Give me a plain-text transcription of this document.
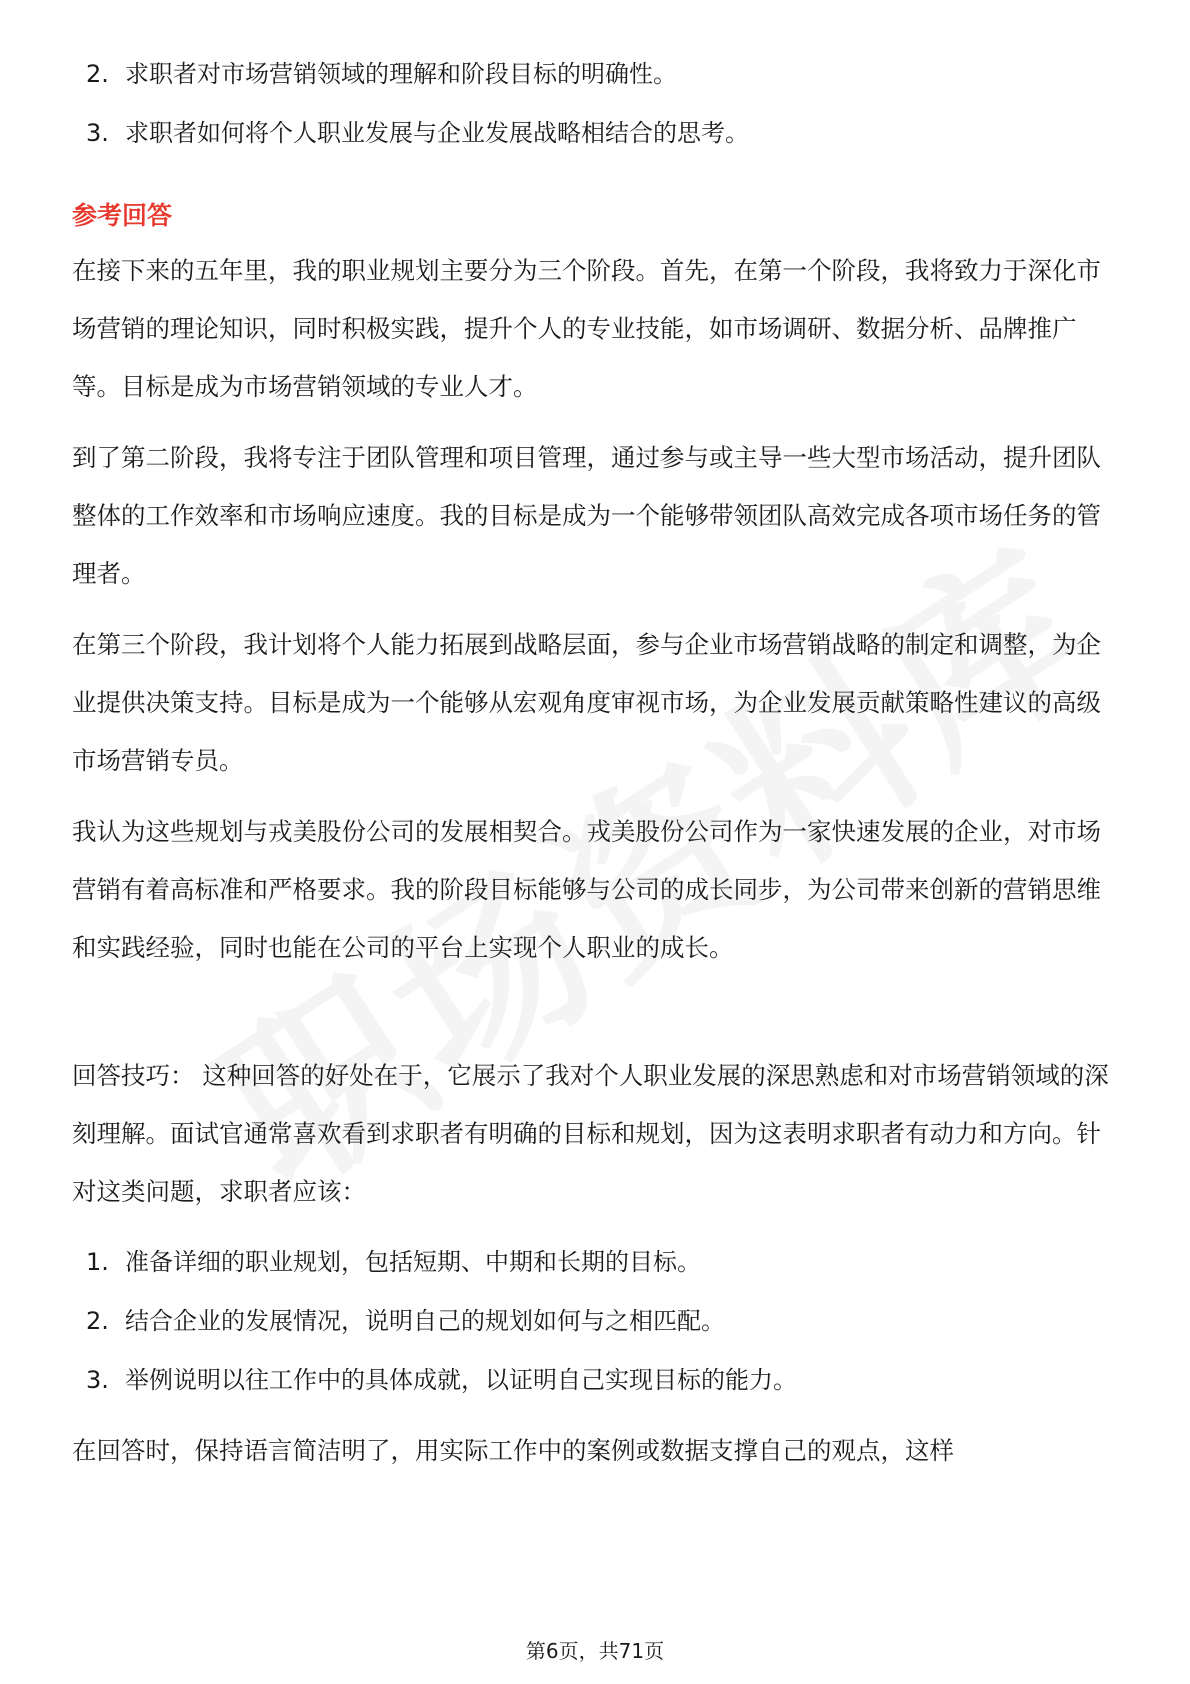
2. 求职者对市场营销领域的理解和阶段目标的明确性。
3. 求职者如何将个人职业发展与企业发展战略相结合的思考。
参考回答

在接下来的五年里，我的职业规划主要分为三个阶段。首先，在第一个阶段，我将致力于深化市场营销的理论知识，同时积极实践，提升个人的专业技能，如市场调研、数据分析、品牌推广等。目标是成为市场营销领域的专业人才。

到了第二阶段，我将专注于团队管理和项目管理，通过参与或主导一些大型市场活动，提升团队整体的工作效率和市场响应速度。我的目标是成为一个能够带领团队高效完成各项市场任务的管理者。

在第三个阶段，我计划将个人能力拓展到战略层面，参与企业市场营销战略的制定和调整，为企业提供决策支持。目标是成为一个能够从宏观角度审视市场，为企业发展贡献策略性建议的高级市场营销专员。

我认为这些规划与戎美股份公司的发展相契合。戎美股份公司作为一家快速发展的企业，对市场营销有着高标准和严格要求。我的阶段目标能够与公司的成长同步，为公司带来创新的营销思维和实践经验，同时也能在公司的平台上实现个人职业的成长。

回答技巧： 这种回答的好处在于，它展示了我对个人职业发展的深思熟虑和对市场营销领域的深刻理解。面试官通常喜欢看到求职者有明确的目标和规划，因为这表明求职者有动力和方向。针对这类问题，求职者应该：

1. 准备详细的职业规划，包括短期、中期和长期的目标。
2. 结合企业的发展情况，说明自己的规划如何与之相匹配。
3. 举例说明以往工作中的具体成就，以证明自己实现目标的能力。

在回答时，保持语言简洁明了，用实际工作中的案例或数据支撑自己的观点，这样

第6页，共71页
